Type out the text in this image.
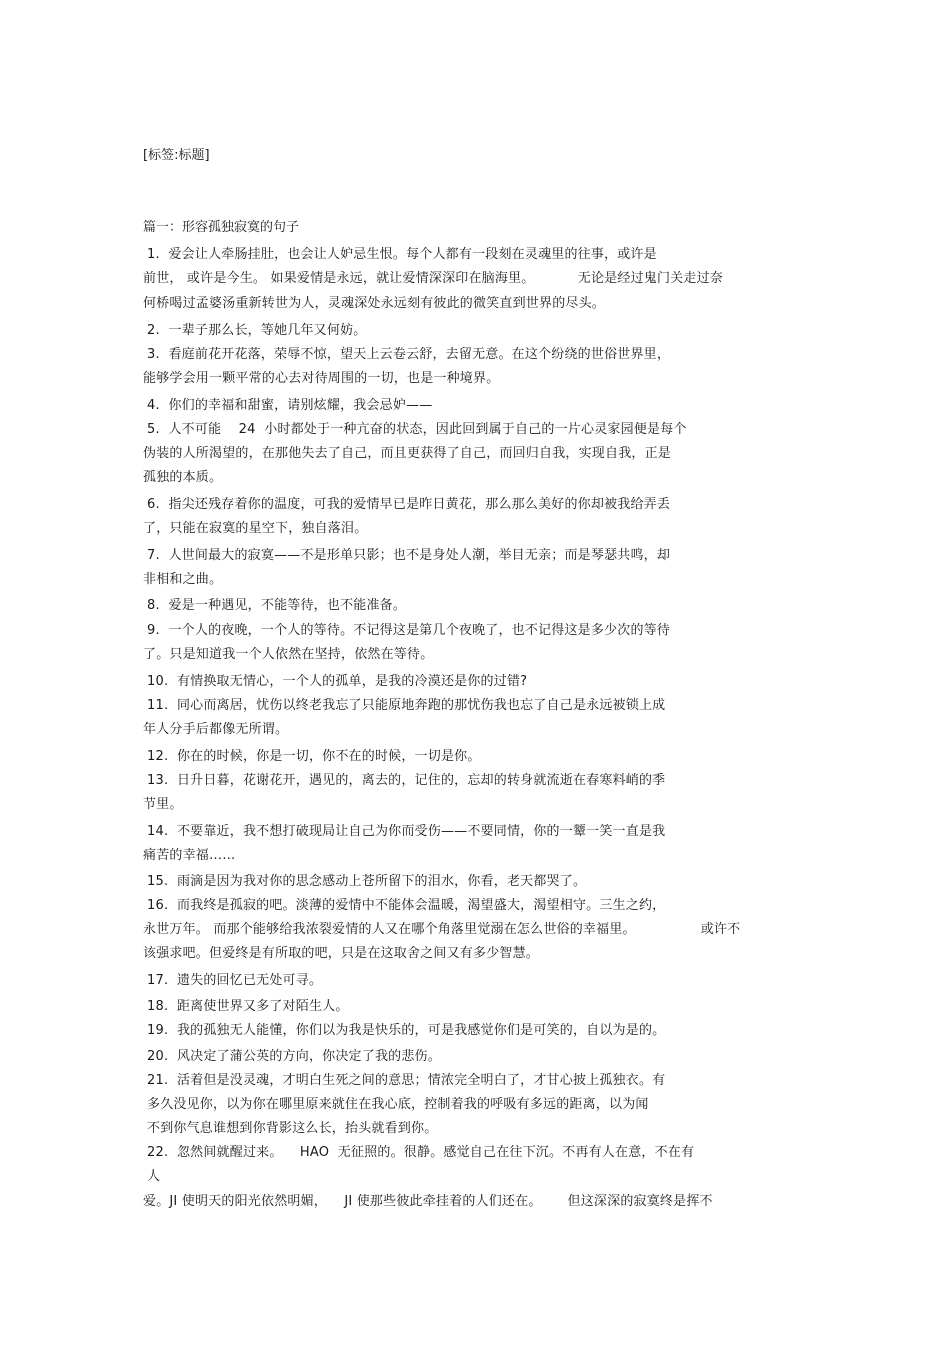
[标签:标题]
篇一：形容孤独寂寞的句子
1.  爱会让人牵肠挂肚，也会让人妒忌生恨。每个人都有一段刻在灵魂里的往事，或许是
前世， 或许是今生。 如果爱情是永远，就让爱情深深印在脑海里。          无论是经过鬼门关走过奈
何桥喝过孟婆汤重新转世为人，灵魂深处永远刻有彼此的微笑直到世界的尽头。
2.  一辈子那么长，等她几年又何妨。
3.  看庭前花开花落，荣辱不惊，望天上云卷云舒，去留无意。在这个纷绕的世俗世界里，
能够学会用一颗平常的心去对待周围的一切，也是一种境界。
4.  你们的幸福和甜蜜，请别炫耀，我会忌妒——
5.  人不可能    24  小时都处于一种亢奋的状态，因此回到属于自己的一片心灵家园便是每个
伪装的人所渴望的，在那他失去了自己，而且更获得了自己，而回归自我，实现自我，正是
孤独的本质。
6.  指尖还残存着你的温度，可我的爱情早已是昨日黄花，那么那么美好的你却被我给弄丢
了，只能在寂寞的星空下，独自落泪。
7.  人世间最大的寂寞——不是形单只影；也不是身处人潮，举目无亲；而是琴瑟共鸣，却
非相和之曲。
8.  爱是一种遇见，不能等待，也不能准备。
9.  一个人的夜晚，一个人的等待。不记得这是第几个夜晚了，也不记得这是多少次的等待
了。只是知道我一个人依然在坚持，依然在等待。
10.  有情换取无情心，一个人的孤单，是我的冷漠还是你的过错?
11.  同心而离居，忧伤以终老我忘了只能原地奔跑的那忧伤我也忘了自己是永远被锁上成
年人分手后都像无所谓。
12.  你在的时候，你是一切，你不在的时候，一切是你。
13.  日升日暮，花谢花开，遇见的，离去的，记住的，忘却的转身就流逝在春寒料峭的季
节里。
14.  不要靠近，我不想打破现局让自己为你而受伤——不要同情，你的一颦一笑一直是我
痛苦的幸福……
15.  雨滴是因为我对你的思念感动上苍所留下的泪水，你看，老天都哭了。
16.  而我终是孤寂的吧。淡薄的爱情中不能体会温暖，渴望盛大，渴望相守。三生之约，
永世万年。 而那个能够给我浓裂爱情的人又在哪个角落里觉溺在怎么世俗的幸福里。               或许不
该强求吧。但爱终是有所取的吧，只是在这取舍之间又有多少智慧。
17.  遗失的回忆已无处可寻。
18.  距离使世界又多了对陌生人。
19.  我的孤独无人能懂，你们以为我是快乐的，可是我感觉你们是可笑的，自以为是的。
20.  风决定了蒲公英的方向，你决定了我的悲伤。
21.  活着但是没灵魂，才明白生死之间的意思；情浓完全明白了，才甘心披上孤独衣。有
多久没见你，以为你在哪里原来就住在我心底，控制着我的呼吸有多远的距离，以为闻
不到你气息谁想到你背影这么长，抬头就看到你。
22.  忽然间就醒过来。    HAO  无征照的。很静。感觉自己在往下沉。不再有人在意，不在有
人
爱。JI 使明天的阳光依然明媚，    JI 使那些彼此牵挂着的人们还在。      但这深深的寂寞终是挥不
